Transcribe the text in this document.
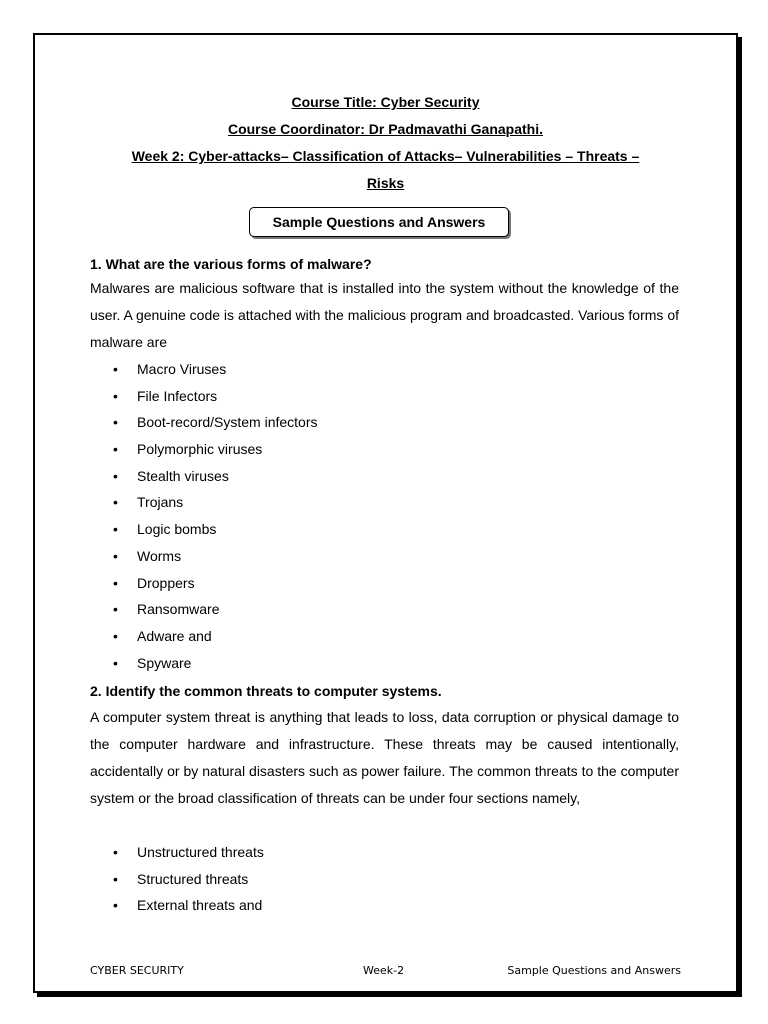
Course Title: Cyber Security
Course Coordinator: Dr Padmavathi Ganapathi.
Week 2: Cyber-attacks– Classification of Attacks– Vulnerabilities – Threats –
Risks
Sample Questions and Answers
1. What are the various forms of malware?
Malwares are malicious software that is installed into the system without the knowledge of the user. A genuine code is attached with the malicious program and broadcasted. Various forms of malware are
• Macro Viruses
• File Infectors
• Boot-record/System infectors
• Polymorphic viruses
• Stealth viruses
• Trojans
• Logic bombs
• Worms
• Droppers
• Ransomware
• Adware and
• Spyware
2. Identify the common threats to computer systems.
A computer system threat is anything that leads to loss, data corruption or physical damage to the computer hardware and infrastructure. These threats may be caused intentionally, accidentally or by natural disasters such as power failure. The common threats to the computer system or the broad classification of threats can be under four sections namely,
• Unstructured threats
• Structured threats
• External threats and
CYBER SECURITY	Week-2	Sample Questions and Answers
